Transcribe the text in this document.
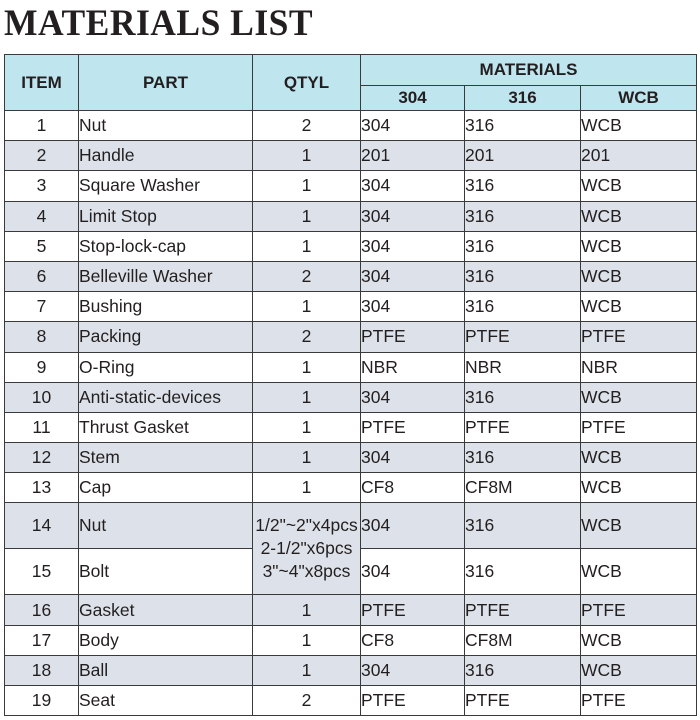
MATERIALS LIST
ITEM	PART	QTYL	MATERIALS		
			304	316	WCB
1	Nut	2	304	316	WCB
2	Handle	1	201	201	201
3	Square Washer	1	304	316	WCB
4	Limit Stop	1	304	316	WCB
5	Stop-lock-cap	1	304	316	WCB
6	Belleville Washer	2	304	316	WCB
7	Bushing	1	304	316	WCB
8	Packing	2	PTFE	PTFE	PTFE
9	O-Ring	1	NBR	NBR	NBR
10	Anti-static-devices	1	304	316	WCB
11	Thrust Gasket	1	PTFE	PTFE	PTFE
12	Stem	1	304	316	WCB
13	Cap	1	CF8	CF8M	WCB
14	Nut	1/2"~2"x4pcs
2-1/2"x6pcs
3"~4"x8pcs	304	316	WCB
15	Bolt		304	316	WCB
16	Gasket	1	PTFE	PTFE	PTFE
17	Body	1	CF8	CF8M	WCB
18	Ball	1	304	316	WCB
19	Seat	2	PTFE	PTFE	PTFE
